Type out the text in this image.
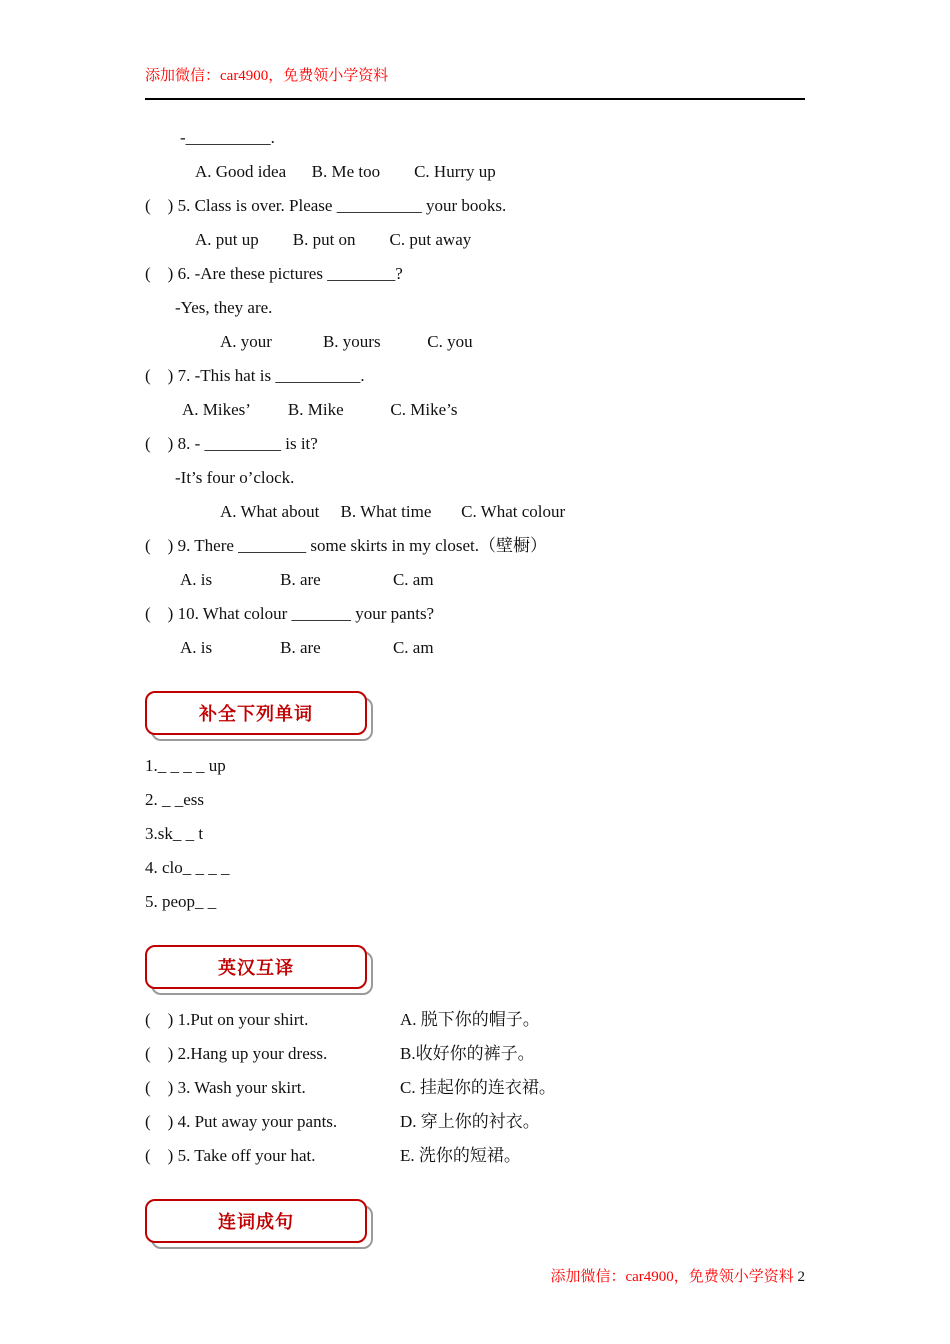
添加微信：car4900，免费领小学资料
-__________.
A. Good idea      B. Me too        C. Hurry up
(    ) 5. Class is over. Please __________ your books.
A. put up        B. put on        C. put away
(    ) 6. -Are these pictures ________?
-Yes, they are.
A. your            B. yours           C. you
(    ) 7. -This hat is __________.
A. Mikes’         B. Mike           C. Mike’s
(    ) 8. - _________ is it?
-It’s four o’clock.
A. What about     B. What time       C. What colour
(    ) 9. There ________ some skirts in my closet.（壁橱）
A. is                B. are                 C. am
(    ) 10. What colour _______ your pants?
A. is                B. are                 C. am
补全下列单词
1._ _ _ _ up
2. _ _ess
3.sk_ _ t
4. clo_ _ _ _
5. peop_ _
英汉互译
(    ) 1.Put on your shirt.	A. 脱下你的帽子。
(    ) 2.Hang up your dress.	B.收好你的裤子。
(    ) 3. Wash your skirt.	C. 挂起你的连衣裙。
(    ) 4. Put away your pants.	D. 穿上你的衬衣。
(    ) 5. Take off your hat.	E. 洗你的短裙。
连词成句

添加微信：car4900，免费领小学资料 2
